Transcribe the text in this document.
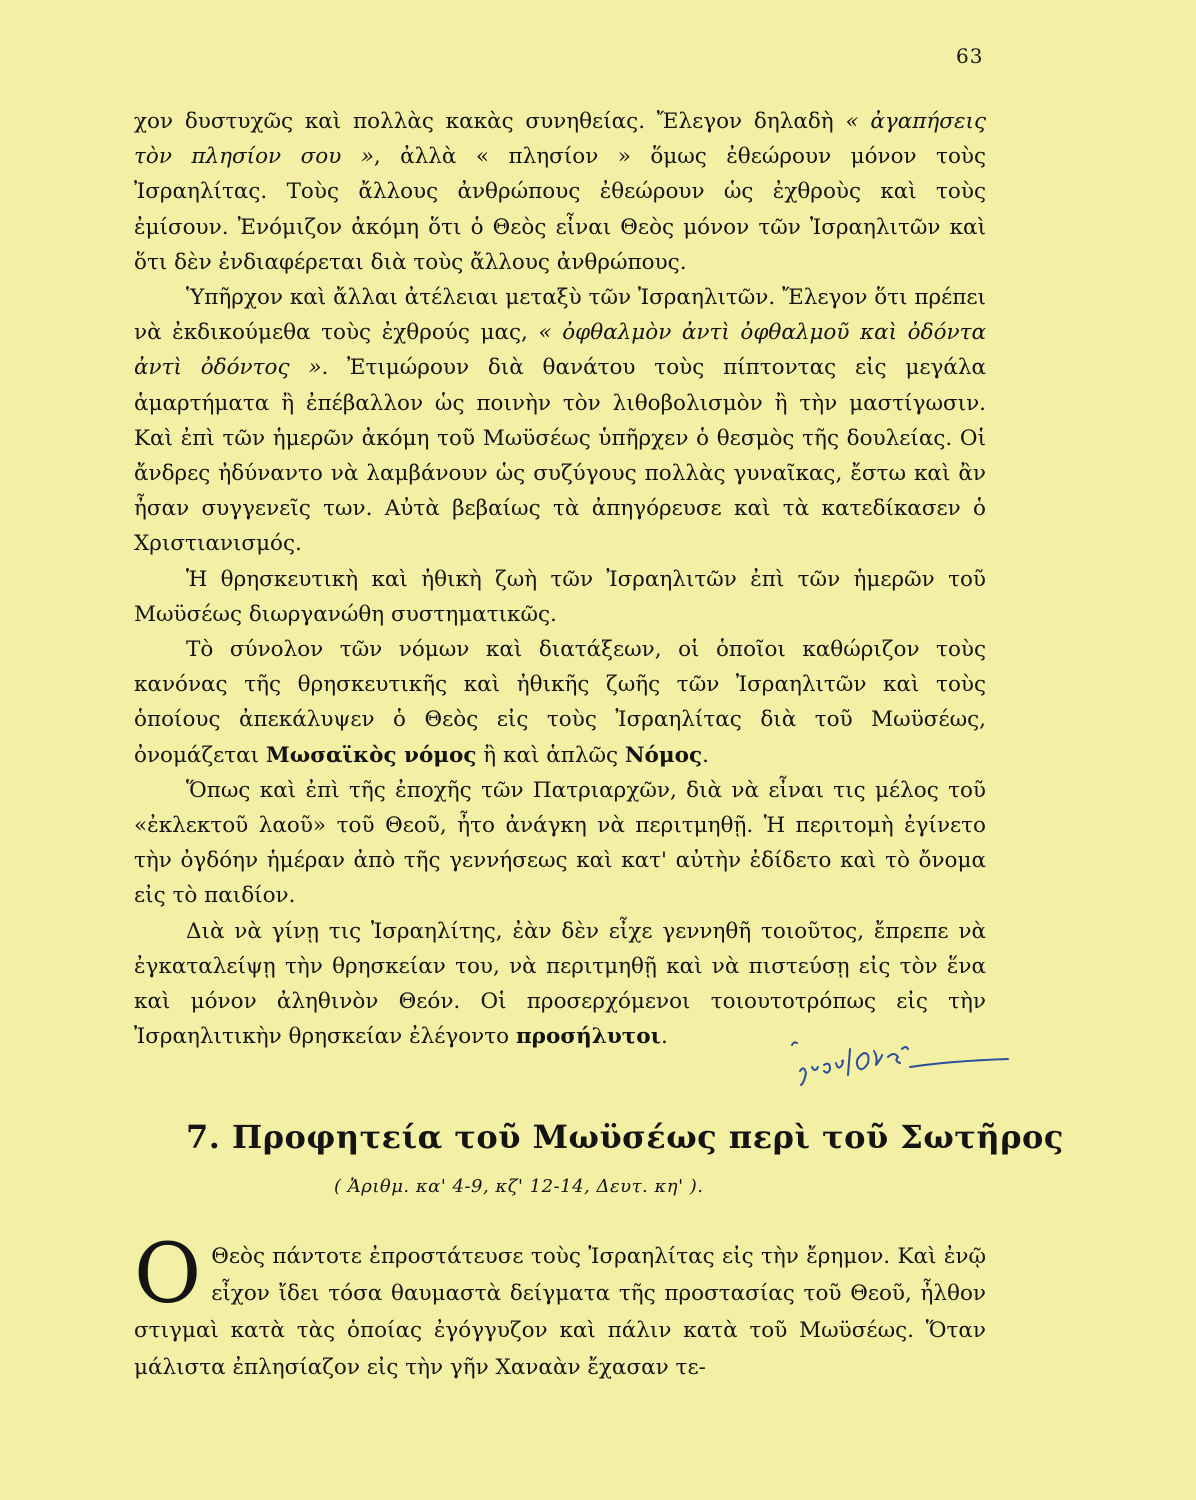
63

χον δυστυχῶς καὶ πολλὰς κακὰς συνηθείας. Ἔλεγον δηλαδὴ « ἀγαπήσεις τὸν πλησίον σου », ἀλλὰ « πλησίον » ὅμως ἐθεώρουν μόνον τοὺς Ἰσραηλίτας. Τοὺς ἄλλους ἀνθρώπους ἐθεώρουν ὡς ἐχθροὺς καὶ τοὺς ἐμίσουν. Ἐνόμιζον ἀκόμη ὅτι ὁ Θεὸς εἶναι Θεὸς μόνον τῶν Ἰσραηλιτῶν καὶ ὅτι δὲν ἐνδιαφέρεται διὰ τοὺς ἄλλους ἀνθρώπους.

Ὑπῆρχον καὶ ἄλλαι ἀτέλειαι μεταξὺ τῶν Ἰσραηλιτῶν. Ἔλεγον ὅτι πρέπει νὰ ἐκδικούμεθα τοὺς ἐχθρούς μας, « ὀφθαλμὸν ἀντὶ ὀφθαλμοῦ καὶ ὀδόντα ἀντὶ ὀδόντος ». Ἐτιμώρουν διὰ θανάτου τοὺς πίπτοντας εἰς μεγάλα ἁμαρτήματα ἢ ἐπέβαλλον ὡς ποινὴν τὸν λιθοβολισμὸν ἢ τὴν μαστίγωσιν. Καὶ ἐπὶ τῶν ἡμερῶν ἀκόμη τοῦ Μωϋσέως ὑπῆρχεν ὁ θεσμὸς τῆς δουλείας. Οἱ ἄνδρες ἠδύναντο νὰ λαμβάνουν ὡς συζύγους πολλὰς γυναῖκας, ἔστω καὶ ἂν ἦσαν συγγενεῖς των. Αὐτὰ βεβαίως τὰ ἀπηγόρευσε καὶ τὰ κατεδίκασεν ὁ Χριστιανισμός.

Ἡ θρησκευτικὴ καὶ ἠθικὴ ζωὴ τῶν Ἰσραηλιτῶν ἐπὶ τῶν ἡμερῶν τοῦ Μωϋσέως διωργανώθη συστηματικῶς.

Τὸ σύνολον τῶν νόμων καὶ διατάξεων, οἱ ὁποῖοι καθώριζον τοὺς κανόνας τῆς θρησκευτικῆς καὶ ἠθικῆς ζωῆς τῶν Ἰσραηλιτῶν καὶ τοὺς ὁποίους ἀπεκάλυψεν ὁ Θεὸς εἰς τοὺς Ἰσραηλίτας διὰ τοῦ Μωϋσέως, ὀνομάζεται Μωσαϊκὸς νόμος ἢ καὶ ἁπλῶς Νόμος.

Ὅπως καὶ ἐπὶ τῆς ἐποχῆς τῶν Πατριαρχῶν, διὰ νὰ εἶναι τις μέλος τοῦ «ἐκλεκτοῦ λαοῦ» τοῦ Θεοῦ, ἦτο ἀνάγκη νὰ περιτμηθῇ. Ἡ περιτομὴ ἐγίνετο τὴν ὀγδόην ἡμέραν ἀπὸ τῆς γεννήσεως καὶ κατ' αὐτὴν ἐδίδετο καὶ τὸ ὄνομα εἰς τὸ παιδίον.

Διὰ νὰ γίνῃ τις Ἰσραηλίτης, ἐὰν δὲν εἶχε γεννηθῆ τοιοῦτος, ἔπρεπε νὰ ἐγκαταλείψῃ τὴν θρησκείαν του, νὰ περιτμηθῇ καὶ νὰ πιστεύσῃ εἰς τὸν ἕνα καὶ μόνον ἀληθινὸν Θεόν. Οἱ προσερχόμενοι τοιουτοτρόπως εἰς τὴν Ἰσραηλιτικὴν θρησκείαν ἐλέγοντο προσήλυτοι.

7. Προφητεία τοῦ Μωϋσέως περὶ τοῦ Σωτῆρος
( Ἀριθμ. κα' 4-9, κζ' 12-14, Δευτ. κη' ).
Ο Θεὸς πάντοτε ἐπροστάτευσε τοὺς Ἰσραηλίτας εἰς τὴν ἔρημον. Καὶ ἐνῷ εἶχον ἴδει τόσα θαυμαστὰ δείγματα τῆς προστασίας τοῦ Θεοῦ, ἦλθον στιγμαὶ κατὰ τὰς ὁποίας ἐγόγγυζον καὶ πάλιν κατὰ τοῦ Μωϋσέως. Ὅταν μάλιστα ἐπλησίαζον εἰς τὴν γῆν Χαναὰν ἔχασαν τε-
